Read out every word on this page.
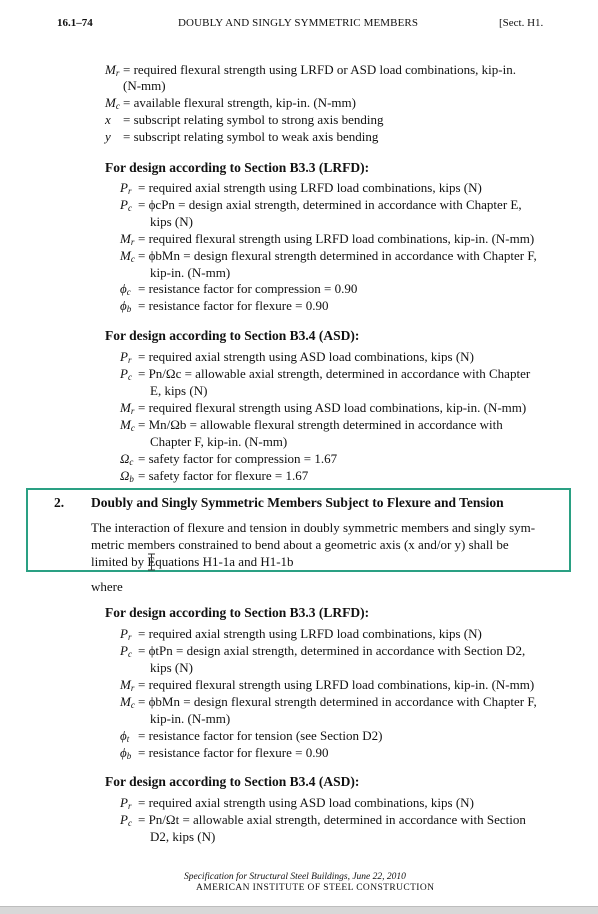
16.1–74	DOUBLY AND SINGLY SYMMETRIC MEMBERS	[Sect. H1.
$M_r$ = required flexural strength using LRFD or ASD load combinations, kip-in.
(N-mm)
$M_c$ = available flexural strength, kip-in. (N-mm)
x = subscript relating symbol to strong axis bending
y = subscript relating symbol to weak axis bending
For design according to Section B3.3 (LRFD):
$P_r$ = required axial strength using LRFD load combinations, kips (N)
$P_c = \phi cPn$ = design axial strength, determined in accordance with Chapter E,
kips (N)
$M_r$ = required flexural strength using LRFD load combinations, kip-in. (N-mm)
$M_c = \phi bMn$ = design flexural strength determined in accordance with Chapter F,
kip-in. (N-mm)
$\phi_c$ = resistance factor for compression = 0.90
$\phi_b$ = resistance factor for flexure = 0.90
For design according to Section B3.4 (ASD):
$P_r$ = required axial strength using ASD load combinations, kips (N)
$P_c = Pn/\Omega c$ = allowable axial strength, determined in accordance with Chapter
E, kips (N)
$M_r$ = required flexural strength using ASD load combinations, kip-in. (N-mm)
$M_c = Mn/\Omega b$ = allowable flexural strength determined in accordance with
Chapter F, kip-in. (N-mm)
$\Omega_c$ = safety factor for compression = 1.67
$\Omega_b$ = safety factor for flexure = 1.67
2. Doubly and Singly Symmetric Members Subject to Flexure and Tension
The interaction of flexure and tension in doubly symmetric members and singly sym-
metric members constrained to bend about a geometric axis (x and/or y) shall be
limited by Equations H1-1a and H1-1b
where
For design according to Section B3.3 (LRFD):
$P_r$ = required axial strength using LRFD load combinations, kips (N)
$P_c = \phi tPn$ = design axial strength, determined in accordance with Section D2,
kips (N)
$M_r$ = required flexural strength using LRFD load combinations, kip-in. (N-mm)
$M_c = \phi bMn$ = design flexural strength determined in accordance with Chapter F,
kip-in. (N-mm)
$\phi_t$ = resistance factor for tension (see Section D2)
$\phi_b$ = resistance factor for flexure = 0.90
For design according to Section B3.4 (ASD):
$P_r$ = required axial strength using ASD load combinations, kips (N)
$P_c = Pn/\Omega t$ = allowable axial strength, determined in accordance with Section
D2, kips (N)
Specification for Structural Steel Buildings, June 22, 2010
AMERICAN INSTITUTE OF STEEL CONSTRUCTION
